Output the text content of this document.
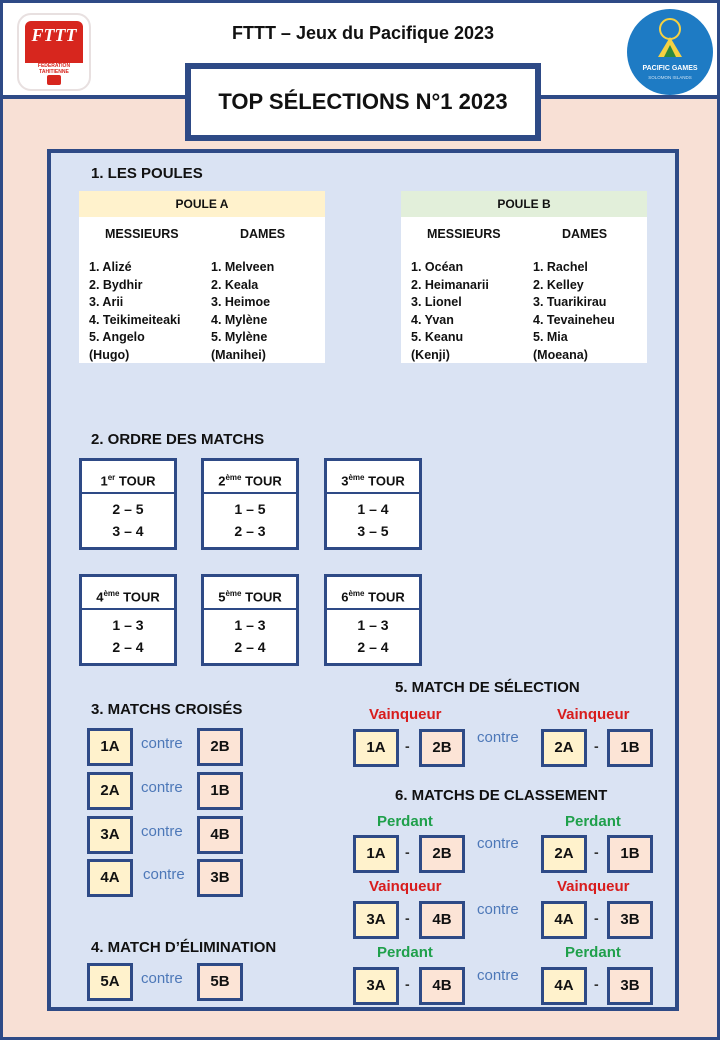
FTTT
FÉDÉRATION TAHITIENNE
FTTT – Jeux du Pacifique 2023
PACIFIC GAMES
SOLOMON ISLANDS
TOP SÉLECTIONS N°1 2023
1. LES POULES
POULE A
MESSIEURS
1. Alizé
2. Bydhir
3. Arii
4. Teikimeiteaki
5. Angelo
(Hugo)
DAMES
1. Melveen
2. Keala
3. Heimoe
4. Mylène
5. Mylène
(Manihei)
POULE B
MESSIEURS
1. Océan
2. Heimanarii
3. Lionel
4. Yvan
5. Keanu
(Kenji)
DAMES
1. Rachel
2. Kelley
3. Tuarikirau
4. Tevaineheu
5. Mia
(Moeana)
2. ORDRE DES MATCHS
1er TOUR
2 – 5
3 – 4
2ème TOUR
1 – 5
2 – 3
3ème TOUR
1 – 4
3 – 5
4ème TOUR
1 – 3
2 – 4
5ème TOUR
1 – 3
2 – 4
6ème TOUR
1 – 3
2 – 4
3. MATCHS CROISÉS
1A	contre	2B
2A	contre	1B
3A	contre	4B
4A	contre	3B
4. MATCH D’ÉLIMINATION
5A	contre	5B
5. MATCH DE SÉLECTION
Vainqueur	Vainqueur
1A	-	2B
contre
2A	-	1B
6. MATCHS DE CLASSEMENT
Perdant	Perdant
1A	-	2B
contre
2A	-	1B
Vainqueur	Vainqueur
3A	-	4B
contre
4A	-	3B
Perdant	Perdant
3A	-	4B
contre
4A	-	3B
